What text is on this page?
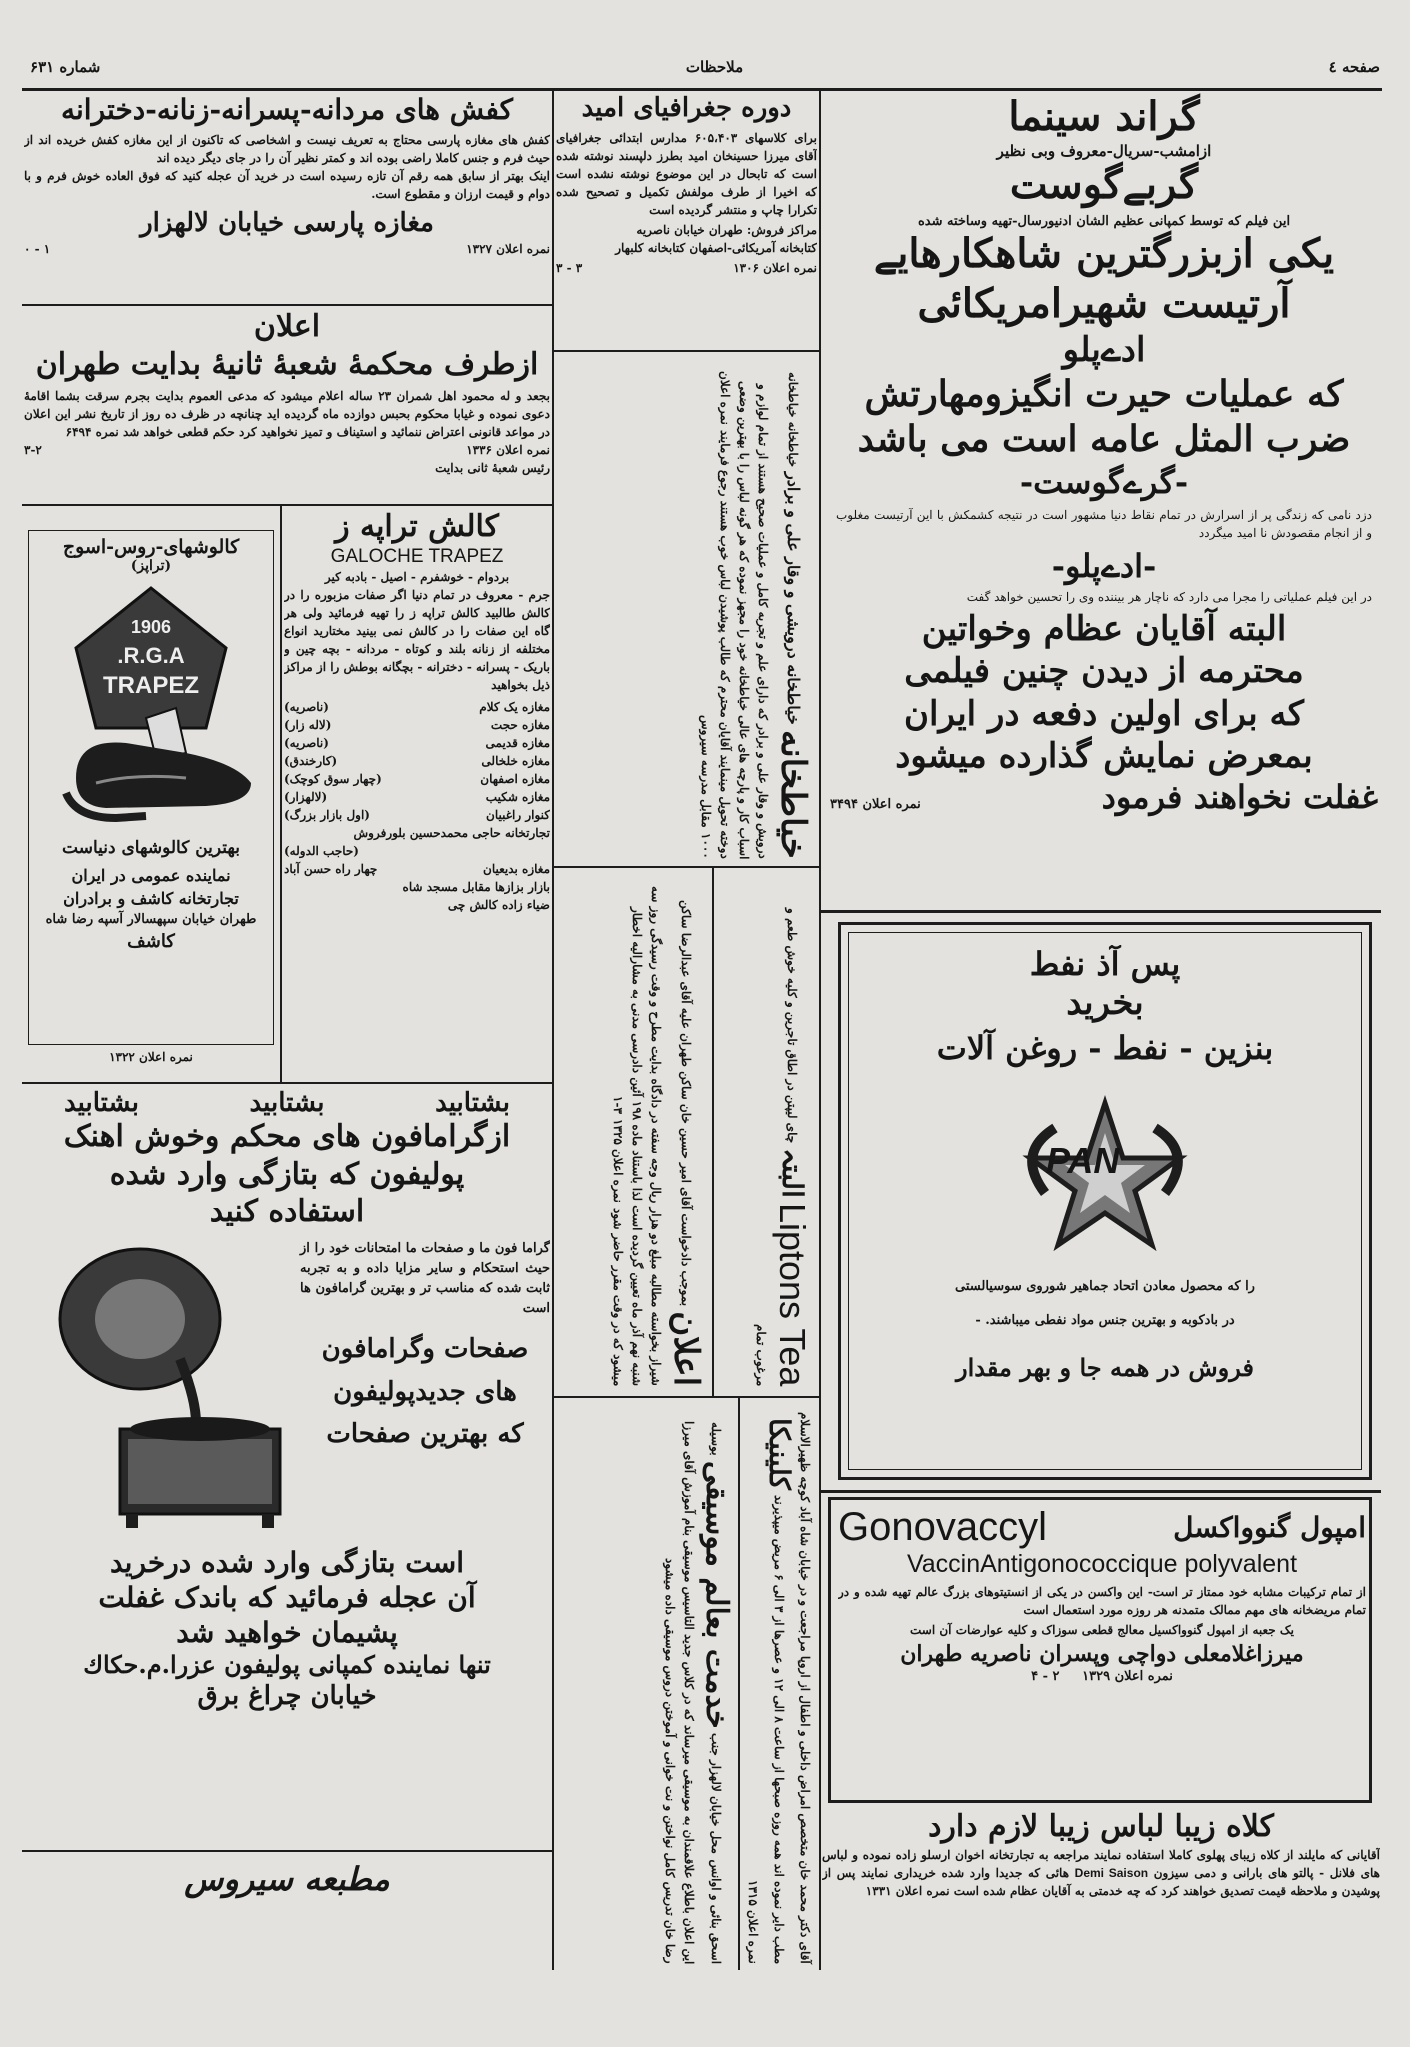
صفحه ٤
ملاحظات
شماره ۶۳۱
گراند سینما
ازامشب-سریال-معروف وبی نظیر
گربےگوست
این فیلم که توسط کمپانی عظیم الشان ادنیورسال-تهیه وساخته شده
یکی ازبزرگترین شاهکارهایے
آرتیست شهیرامریکائی
ادےپلو
که عملیات حیرت انگیزومهارتش
ضرب المثل عامه است می باشد
-گرےگوست-
دزد نامی که زندگی پر از اسرارش در تمام نقاط دنیا مشهور است در نتیجه کشمکش با این آرتیست مغلوب و از انجام مقصودش نا امید میگردد
-ادےپلو-
در این فیلم عملیاتی را مجرا می دارد که ناچار هر بیننده وی را تحسین خواهد گفت
البته آقایان عظام وخواتین
محترمه از دیدن چنین فیلمی
که برای اولین دفعه در ایران
بمعرض نمایش گذارده میشود
غفلت نخواهند فرمود
نمره اعلان ۳۴۹۴
پس آذ نفط
بخرید
بنزین - نفط - روغن آلات
PAN
را که محصول معادن اتحاد جماهیر شوروی سوسیالستی
در بادکوبه و بهترین جنس مواد نفطی میباشند. -
فروش در همه جا و بهر مقدار
امپول گنوواکسل
Gonovaccyl
VaccinAntigonococcique polyvalent
از تمام ترکیبات مشابه خود ممتاز تر است- این واکسن در یکی از انستیتوهای بزرگ عالم تهیه شده و در تمام مریضخانه های مهم ممالک متمدنه هر روزه مورد استعمال است
یک جعبه از امپول گنوواکسیل معالج قطعی سوزاک و کلیه عوارضات آن است
میرزاغلامعلی دواچی وپسران ناصریه طهران
نمره اعلان ۱۳۲۹     ۲ - ۴
کلاه زیبا لباس زیبا لازم دارد
آقایانی که مایلند از کلاه زیبای پهلوی کاملا استفاده نمایند مراجعه به تجارتخانه اخوان ارسلو زاده نموده و لباس های فلانل - پالتو های بارانی و دمی سیزون Demi Saison هائی که جدیدا وارد شده خریداری نمایند پس از پوشیدن و ملاحظه قیمت تصدیق خواهند کرد که چه خدمتی به آقایان عظام شده است نمره اعلان ۱۳۳۱
دوره جغرافیای امید
برای کلاسهای ۶۰۵،۴۰۳ مدارس ابتدائی جغرافیای آقای میرزا حسینخان امید بطرز دلپسند نوشته شده است که تابحال در این موضوع نوشته نشده است که اخیرا از طرف مولفش تکمیل و تصحیح شده تکرارا چاپ و منتشر گردیده است
مراکز فروش: طهران خیابان ناصریه
کتابخانه آمریکائی-اصفهان کتابخانه کلبهار
نمره اعلان ۱۳۰۶
۳ - ۳
خیاطخانه خیاطخانه درویشی و وقار علی و برادر خیاطخانه خیاطخانه درویش و وقار علی و برادر که دارای علم و تجربه کامل و عملیات صحیح هستند از تمام لوازم و اسباب کار و پارچه های عالی خیاطخانه خود را مجهز نموده که هر گونه لباس را با بهترین وضعی دوخته تحویل مینمایند آقایان محترم که طالب پوشیدن لباس خوب هستند رجوع فرمایند نمره اعلان ۱۰۰۰ مقابل مدرسه سیروس
Liptons Tea البتہ چای لیپتن در اطاق تاجرین و کلیه خوش طعم و مرغوب تمام
اعلان بموجب دادخواست آقای امیر حسین خان ساکن طهران علیه آقای عبدالرضا ساکن شیراز بخواسته مطالبه مبلغ دو هزار ریال وجه سفته در دادگاه بدایت مطرح و وقت رسیدگی روز سه شنبه نهم آذر ماه تعیین گردیده است لذا باستناد ماده ۱۹۸ آئین دادرسی مدنی به مشارالیه اخطار میشود که در وقت مقرر حاضر شود نمره اعلان ۱۳۲۵ ۳-۱
آقای دکتر محمد خان متخصص امراض داخلی و اطفال از اروپا مراجعت و در خیابان شاه آباد کوچه ظهیرالاسلام مطب دایر نموده اند همه روزه صبحها از ساعت ۸ الی ۱۲ و عصرها از ۳ الی ۶ مریض میپذیرند کلینیکا نمره اعلان ۱۳۱۵
اسحق بنائی و اوانس محل خیابان لالهزار جنب خدمت بعالم موسیقی بوسیله این اعلان باطلاع علاقمندان به موسیقی میرساند که در کلاس جدید التاسیس موسیقی بنام آموزش آقای میرزا رضا خان تدریس کامل نواختن و نت خوانی و آموختن دروس موسیقی داده میشود
کفش های مردانه-پسرانه-زنانه-دخترانه
کفش های مغازه پارسی محتاج به تعریف نیست و اشخاصی که تاکنون از این مغازه کفش خریده اند از حیث فرم و جنس کاملا راضی بوده اند و کمتر نظیر آن را در جای دیگر دیده اند
اینک بهتر از سابق همه رقم آن تازه رسیده است در خرید آن عجله کنید که فوق العاده خوش فرم و با دوام و قیمت ارزان و مقطوع است.
مغازه پارسی خیابان لالهزار
نمره اعلان ۱۳۲۷
۱ - ۰
اعلان
ازطرف محکمۀ شعبۀ ثانیۀ بدایت طهران
بجعد و له محمود اهل شمران ۲۳ ساله اعلام میشود که مدعی العموم بدایت بجرم سرقت بشما اقامۀ دعوی نموده و غیابا محکوم بحبس دوازده ماه گردیده اید چنانچه در ظرف ده روز از تاریخ نشر این اعلان در مواعد قانونی اعتراض ننمائید و استیناف و تمیز نخواهید کرد حکم قطعی خواهد شد نمره ۶۴۹۴
نمره اعلان ۱۳۳۶
۳-۲
رئیس شعبۀ ثانی بدایت
کالش تراپه ز
GALOCHE TRAPEZ
بردوام - خوشفرم - اصیل - بادبه کیر
جرم - معروف در تمام دنیا اگر صفات مزبوره را در کالش طالبید کالش تراپه ز را تهیه فرمائید ولی هر گاه این صفات را در کالش نمی بینید مختارید انواع مختلفه از زنانه بلند و کوتاه - مردانه - بچه چین و باریک - پسرانه - دخترانه - بچگانه بوطش را از مراکز ذیل بخواهید
مغازه یک کلام
(ناصریه)
مغازه حجت
(لاله زار)
مغازه قدیمی
(ناصریه)
مغازه خلخالی
(کارخندق)
مغازه اصفهان
(چهار سوق کوچک)
مغازه شکیب
(لالهزار)
کنوار راغبیان
(اول بازار بزرگ)
تجارتخانه حاجی محمدحسین بلورفروش
(حاجب الدوله)
مغازه بدیعیان
چهار راه حسن آباد
بازار بزازها مقابل مسجد شاه
ضیاء زاده کالش چی
کالوشهای-روس-اسوج
(تراپز)
1906
R.G.A.
TRAPEZ
بهترین کالوشهای دنیاست
نماینده عمومی در ایران
تجارتخانه کاشف و برادران
طهران خیابان سپهسالار آسپه رضا شاه
کاشف
نمره اعلان ۱۳۲۲
بشتابید
بشتابید
بشتابید
ازگرامافون های محکم وخوش اهنک
پولیفون که بتازگی وارد شده
استفاده کنید
گراما فون ما و صفحات ما امتحانات خود را از حیث استحکام و سایر مزایا داده و به تجربه ثابت شده که مناسب تر و بهترین گرامافون ها است
صفحات وگرامافون
های جدیدپولیفون
که بهترین صفحات
است بتازگی وارد شده درخرید
آن عجله فرمائید که باندک غفلت
پشیمان خواهید شد
تنها نماینده کمپانی پولیفون عزرا.م.حکاك
خیابان چراغ برق
مطبعه سیروس
